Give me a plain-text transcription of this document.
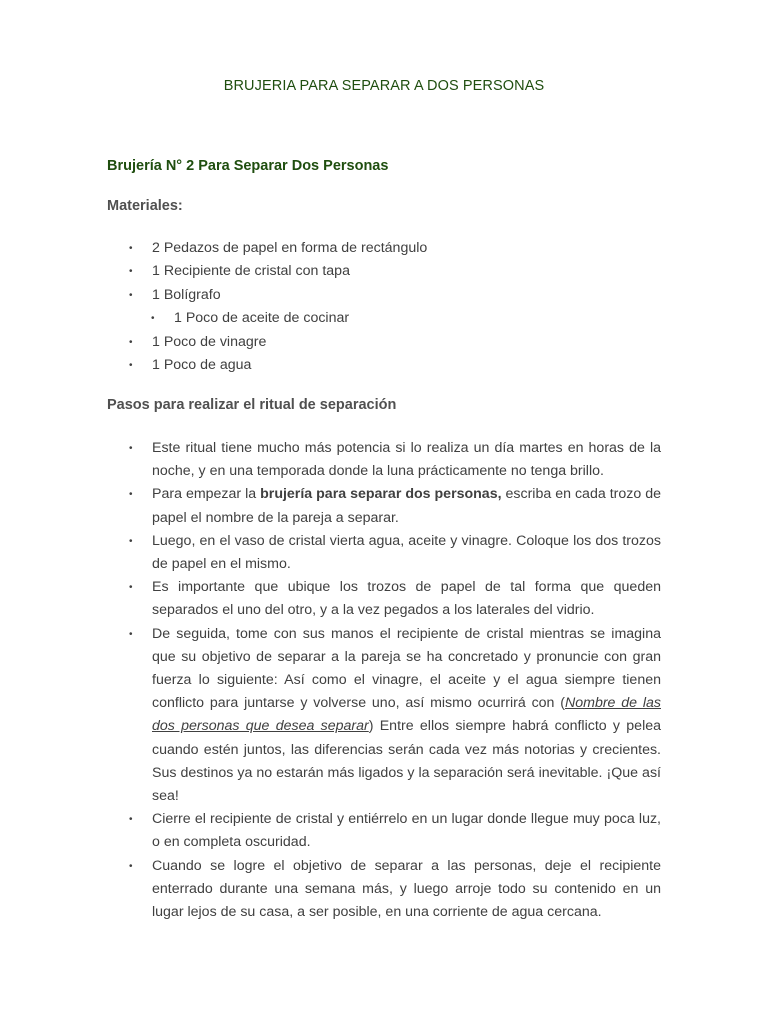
BRUJERIA PARA SEPARAR A DOS PERSONAS
Brujería N° 2 Para Separar Dos Personas
Materiales:
• 2 Pedazos de papel en forma de rectángulo
• 1 Recipiente de cristal con tapa
• 1 Bolígrafo
• 1 Poco de aceite de cocinar
• 1 Poco de vinagre
• 1 Poco de agua
Pasos para realizar el ritual de separación
• Este ritual tiene mucho más potencia si lo realiza un día martes en horas de la noche, y en una temporada donde la luna prácticamente no tenga brillo.
• Para empezar la brujería para separar dos personas, escriba en cada trozo de papel el nombre de la pareja a separar.
• Luego, en el vaso de cristal vierta agua, aceite y vinagre. Coloque los dos trozos de papel en el mismo.
• Es importante que ubique los trozos de papel de tal forma que queden separados el uno del otro, y a la vez pegados a los laterales del vidrio.
• De seguida, tome con sus manos el recipiente de cristal mientras se imagina que su objetivo de separar a la pareja se ha concretado y pronuncie con gran fuerza lo siguiente: Así como el vinagre, el aceite y el agua siempre tienen conflicto para juntarse y volverse uno, así mismo ocurrirá con (Nombre de las dos personas que desea separar) Entre ellos siempre habrá conflicto y pelea cuando estén juntos, las diferencias serán cada vez más notorias y crecientes. Sus destinos ya no estarán más ligados y la separación será inevitable. ¡Que así sea!
• Cierre el recipiente de cristal y entiérrelo en un lugar donde llegue muy poca luz, o en completa oscuridad.
• Cuando se logre el objetivo de separar a las personas, deje el recipiente enterrado durante una semana más, y luego arroje todo su contenido en un lugar lejos de su casa, a ser posible, en una corriente de agua cercana.
